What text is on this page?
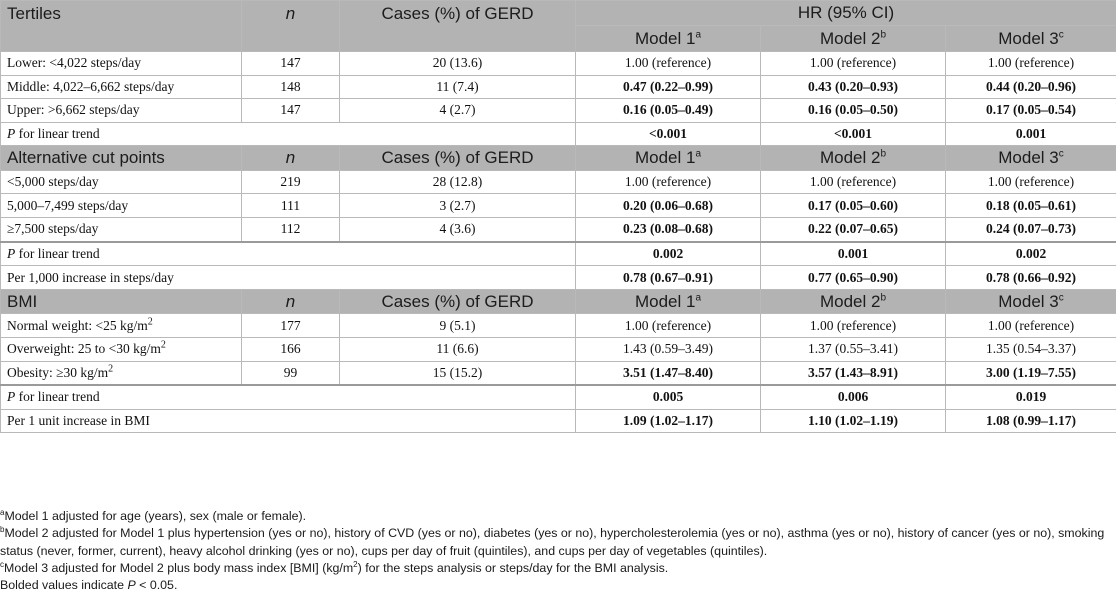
Tertiles	n	Cases (%) of GERD	HR (95% CI)		
			Model 1$^a$	Model 2$^b$	Model 3$^c$
Lower: <4,022 steps/day	147	20 (13.6)	1.00 (reference)	1.00 (reference)	1.00 (reference)
Middle: 4,022–6,662 steps/day	148	11 (7.4)	0.47 (0.22–0.99)	0.43 (0.20–0.93)	0.44 (0.20–0.96)
Upper: >6,662 steps/day	147	4 (2.7)	0.16 (0.05–0.49)	0.16 (0.05–0.50)	0.17 (0.05–0.54)
P for linear trend			<0.001	<0.001	0.001
Alternative cut points	n	Cases (%) of GERD	Model 1$^a$	Model 2$^b$	Model $3^c$
<5,000 steps/day	219	28 (12.8)	1.00 (reference)	1.00 (reference)	1.00 (reference)
5,000–7,499 steps/day	111	3 (2.7)	0.20 (0.06–0.68)	0.17 (0.05–0.60)	0.18 (0.05–0.61)
≥7,500 steps/day	112	4 (3.6)	0.23 (0.08–0.68)	0.22 (0.07–0.65)	0.24 (0.07–0.73)
P for linear trend			0.002	0.001	0.002
Per 1,000 increase in steps/day			0.78 (0.67–0.91)	0.77 (0.65–0.90)	0.78 (0.66–0.92)
BMI	n	Cases (%) of GERD	Model 1$^a$	Model 2$^b$	Model 3$^c$
Normal weight: <25 $kg/m^2$	177	9 (5.1)	1.00 (reference)	1.00 (reference)	1.00 (reference)
Overweight: 25 to <30 $kg/m^2$	166	11 (6.6)	1.43 (0.59–3.49)	1.37 (0.55–3.41)	1.35 (0.54–3.37)
Obesity: ≥30 $kg/m^2$	99	15 (15.2)	3.51 (1.47–8.40)	3.57 (1.43–8.91)	3.00 (1.19–7.55)
P for linear trend			0.005	0.006	0.019
Per 1 unit increase in BMI			1.09 (1.02–1.17)	1.10 (1.02–1.19)	1.08 (0.99–1.17)

$^a$Model 1 adjusted for age (years), sex (male or female).

$^b$Model 2 adjusted for Model 1 plus hypertension (yes or no), history of CVD (yes or no), diabetes (yes or no), hypercholesterolemia (yes or no), asthma (yes or no), history of cancer (yes or no), smoking status (never, former, current), heavy alcohol drinking (yes or no), cups per day of fruit (quintiles), and cups per day of vegetables (quintiles).

$^c$Model 3 adjusted for Model 2 plus body mass index [BMI] $(kg/m^2)$ for the steps analysis or steps/day for the BMI analysis.

Bolded values indicate P < 0.05.
